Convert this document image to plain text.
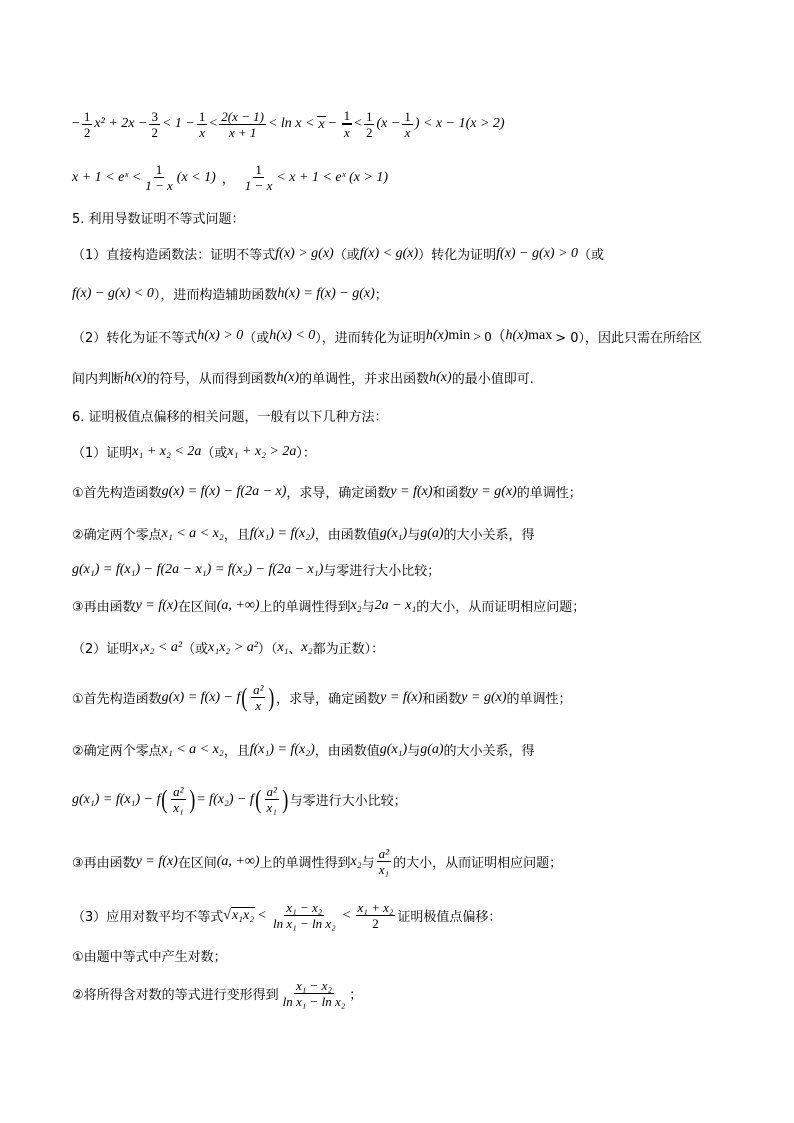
− $\frac{1}{2} x^2 + 2x - \frac{3}{2} < 1 - \frac{1}{x} < \frac{2(x - 1)}{x + 1} < \ln x < x - \frac{1}{x} < \frac{1}{2} (x - \frac{1}{x}$ ) < x − 1(x > 2)
x + 1 < eˣ < $\frac{1}{1 - x} (x < 1)$ ， $\frac{1}{1 - x} < x + 1$ < eˣ (x > 1)
5. 利用导数证明不等式问题：
（1）直接构造函数法：证明不等式 f(x) > g(x) （或 f(x) < g(x) ）转化为证明 f(x) − g(x) > 0 （或
f(x) − g(x) < 0 ），进而构造辅助函数 h(x) = f(x) − g(x) ；
（2）转化为证不等式 h(x) > 0 （或 h(x) < 0 ），进而转化为证明 h(x) min > 0（ h(x) max > 0），因此只需在所给区
间内判断 h(x) 的符号，从而得到函数 h(x) 的单调性，并求出函数 h(x) 的最小值即可.
6. 证明极值点偏移的相关问题，一般有以下几种方法：
（1）证明 x₁ + x₂ < 2a （或 x₁ + x₂ > 2a ）：
①首先构造函数 g(x) = f(x) − f(2a − x) ，求导，确定函数 y = f(x) 和函数 y = g(x) 的单调性；
②确定两个零点 x₁ < a < x₂ ，且 f(x₁) = f(x₂) ，由函数值 g(x₁) 与 g(a) 的大小关系，得
g(x₁) = f(x₁) − f(2a − x₁) = f(x₂) − f(2a − x₁) 与零进行大小比较；
③再由函数 y = f(x) 在区间 (a, +∞) 上的单调性得到 x₂ 与 2a − x₁ 的大小，从而证明相应问题；
（2）证明 x₁x₂ < a² （或 x₁x₂ > a² ）（ x₁ 、 x₂ 都为正数）：
①首先构造函数 g(x) = f(x) − f ( $\frac{\text{a²}}{x}$ ) ，求导，确定函数 y = f(x) 和函数 y = g(x) 的单调性；
②确定两个零点 x₁ < a < x₂ ，且 f(x₁) = f(x₂) ，由函数值 g(x₁) 与 g(a) 的大小关系，得
g(x₁) = f(x₁) − f ( $\frac{\text{a²}}{\text{x₁}}$ ) = f(x₂) − f ( $\frac{\text{a²}}{\text{x₁}}$ ) 与零进行大小比较；
③再由函数 y = f(x) 在区间 (a, +∞) 上的单调性得到 x₂ 与 $\frac{\text{a²}}{\text{x₁}}$ 的大小，从而证明相应问题；
（3）应用对数平均不等式 √ $x_1x_2 < \frac{\text{x₁ − x₂}}{\text{ln x₁ − ln x₂}} < \frac{\text{x₁ + x₂}}{2}$ 证明极值点偏移：
①由题中等式中产生对数；
②将所得含对数的等式进行变形得到 $\frac{\text{x₁ − x₂}}{\text{ln x₁ − ln x₂}}$ ；
